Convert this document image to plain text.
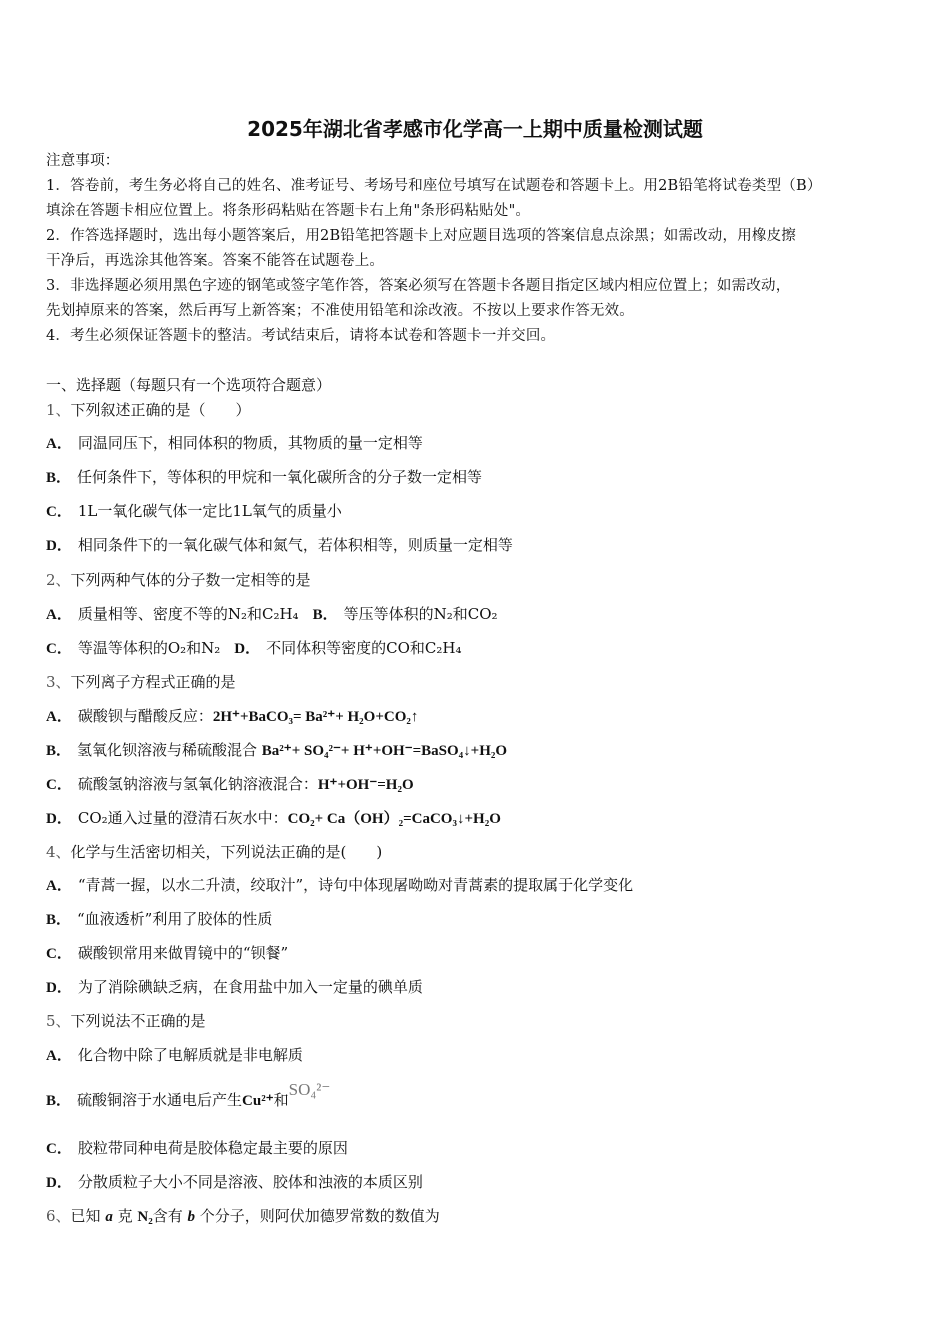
2025年湖北省孝感市化学高一上期中质量检测试题
注意事项：
1．答卷前，考生务必将自己的姓名、准考证号、考场号和座位号填写在试题卷和答题卡上。用2B铅笔将试卷类型（B）
填涂在答题卡相应位置上。将条形码粘贴在答题卡右上角"条形码粘贴处"。
2．作答选择题时，选出每小题答案后，用2B铅笔把答题卡上对应题目选项的答案信息点涂黑；如需改动，用橡皮擦
干净后，再选涂其他答案。答案不能答在试题卷上。
3．非选择题必须用黑色字迹的钢笔或签字笔作答，答案必须写在答题卡各题目指定区域内相应位置上；如需改动，
先划掉原来的答案，然后再写上新答案；不准使用铅笔和涂改液。不按以上要求作答无效。
4．考生必须保证答题卡的整洁。考试结束后，请将本试卷和答题卡一并交回。
一、选择题（每题只有一个选项符合题意）
1、下列叙述正确的是（　　）
A． 同温同压下，相同体积的物质，其物质的量一定相等
B． 任何条件下，等体积的甲烷和一氧化碳所含的分子数一定相等
C． 1L一氧化碳气体一定比1L氧气的质量小
D． 相同条件下的一氧化碳气体和氮气，若体积相等，则质量一定相等
2、下列两种气体的分子数一定相等的是
A． 质量相等、密度不等的N₂和C₂H₄ B． 等压等体积的N₂和CO₂
C． 等温等体积的O₂和N₂ D． 不同体积等密度的CO和C₂H₄
3、下列离子方程式正确的是
A． 碳酸钡与醋酸反应：2H⁺+BaCO₃= Ba²⁺+ H₂O+CO₂↑
B． 氢氧化钡溶液与稀硫酸混合 Ba²⁺+ SO₄²⁻+ H⁺+OH⁻=BaSO₄↓+H₂O
C． 硫酸氢钠溶液与氢氧化钠溶液混合：H⁺+OH⁻=H₂O
D． CO₂通入过量的澄清石灰水中：CO₂+ Ca（OH）₂=CaCO₃↓+H₂O
4、化学与生活密切相关，下列说法正确的是(　　)
A． “青蒿一握，以水二升渍，绞取汁”，诗句中体现屠呦呦对青蒿素的提取属于化学变化
B． “血液透析”利用了胶体的性质
C． 碳酸钡常用来做胃镜中的“钡餐”
D． 为了消除碘缺乏病，在食用盐中加入一定量的碘单质
5、下列说法不正确的是
A． 化合物中除了电解质就是非电解质
B． 硫酸铜溶于水通电后产生Cu²⁺和SO₄²⁻
C． 胶粒带同种电荷是胶体稳定最主要的原因
D． 分散质粒子大小不同是溶液、胶体和浊液的本质区别
6、已知 a 克 N₂含有 b 个分子，则阿伏加德罗常数的数值为
